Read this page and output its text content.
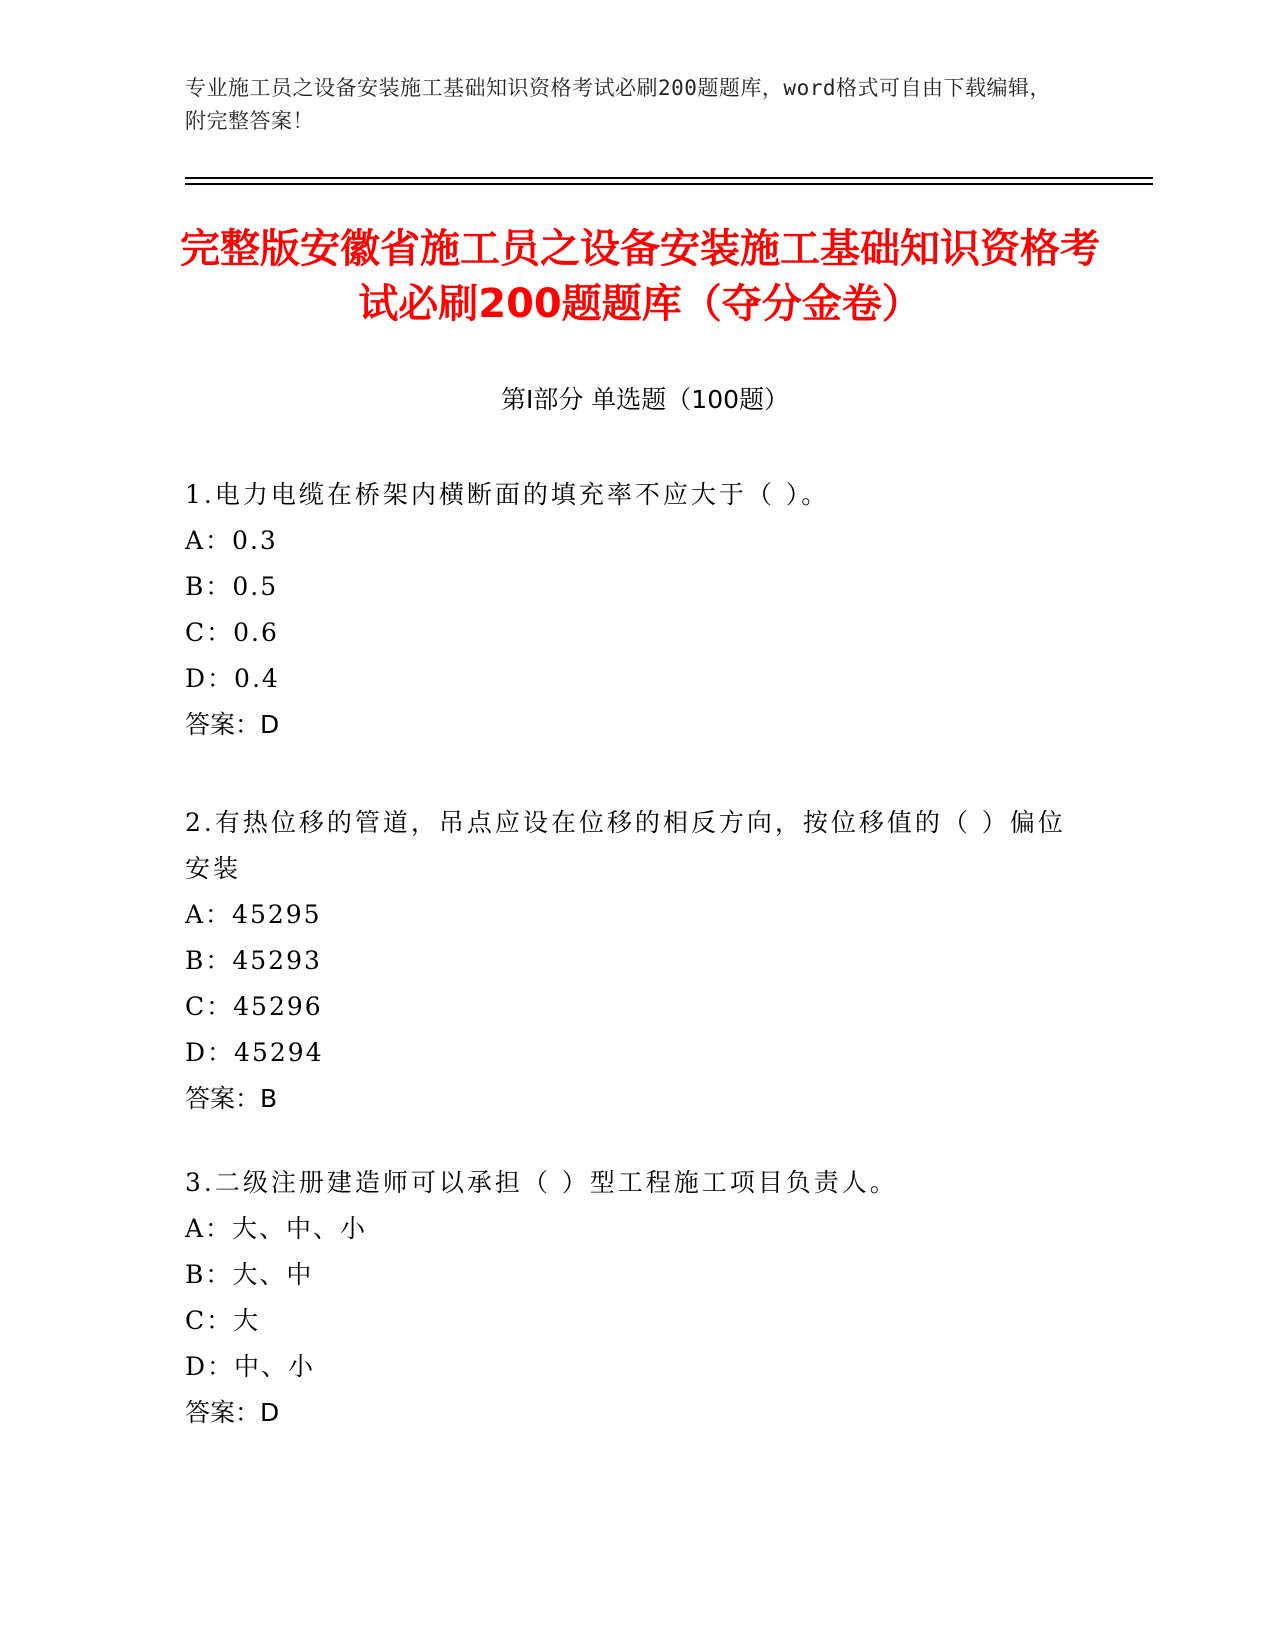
专业施工员之设备安装施工基础知识资格考试必刷200题题库，word格式可自由下载编辑，附完整答案！
完整版安徽省施工员之设备安装施工基础知识资格考试必刷200题题库（夺分金卷）
第Ⅰ部分 单选题（100题）

1.电力电缆在桥架内横断面的填充率不应大于（ ）。

A：0.3

B：0.5

C：0.6

D：0.4

答案：D

2.有热位移的管道，吊点应设在位移的相反方向，按位移值的（ ）偏位安装

A：45295

B：45293

C：45296

D：45294

答案：B

3.二级注册建造师可以承担（ ）型工程施工项目负责人。

A：大、中、小

B：大、中

C：大

D：中、小

答案：D
